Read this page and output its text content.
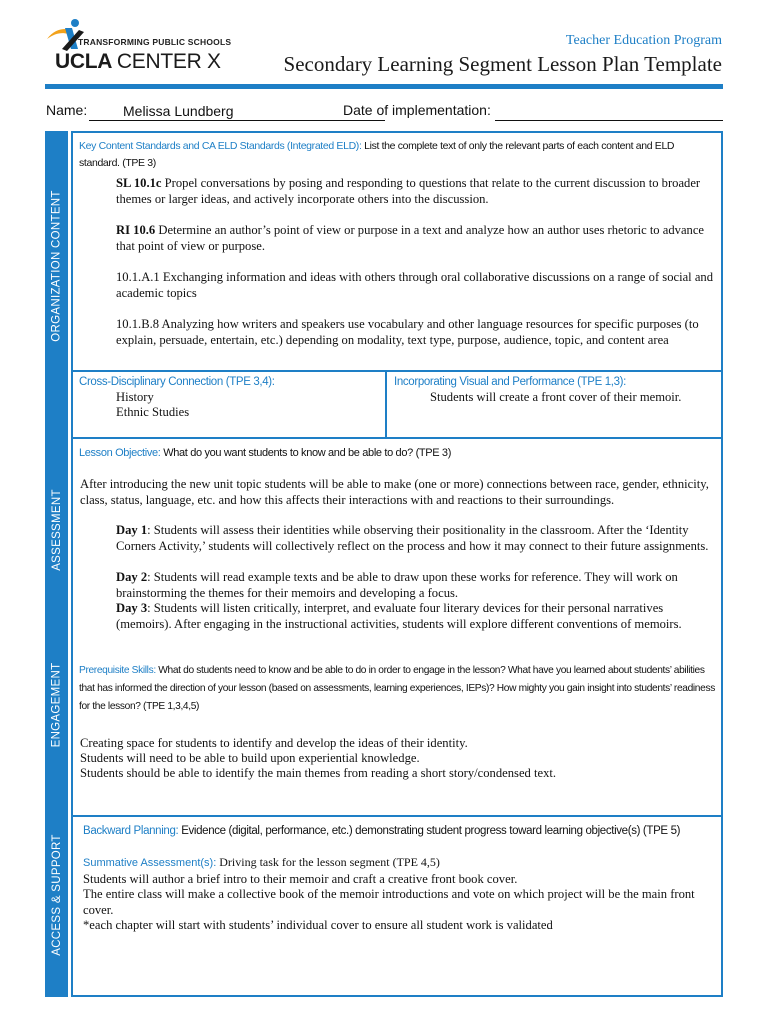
TRANSFORMING PUBLIC SCHOOLS
UCLA CENTER X
Teacher Education Program
Secondary Learning Segment Lesson Plan Template
Name:	Melissa Lundberg	Date of implementation:
ORGANIZATION CONTENT
ASSESSMENT
ENGAGEMENT
ACCESS & SUPPORT
Key Content Standards and CA ELD Standards (Integrated ELD): List the complete text of only the relevant parts of each content and ELD standard. (TPE 3)
SL 10.1c Propel conversations by posing and responding to questions that relate to the current discussion to broader themes or larger ideas, and actively incorporate others into the discussion.
RI 10.6 Determine an author’s point of view or purpose in a text and analyze how an author uses rhetoric to advance that point of view or purpose.
10.1.A.1 Exchanging information and ideas with others through oral collaborative discussions on a range of social and academic topics
10.1.B.8 Analyzing how writers and speakers use vocabulary and other language resources for specific purposes (to explain, persuade, entertain, etc.) depending on modality, text type, purpose, audience, topic, and content area
Cross-Disciplinary Connection (TPE 3,4):
History
Ethnic Studies
Incorporating Visual and Performance (TPE 1,3):
Students will create a front cover of their memoir.
Lesson Objective: What do you want students to know and be able to do? (TPE 3)
After introducing the new unit topic students will be able to make (one or more) connections between race, gender, ethnicity, class, status, language, etc. and how this affects their interactions with and reactions to their surroundings.
Day 1: Students will assess their identities while observing their positionality in the classroom. After the ‘Identity Corners Activity,’ students will collectively reflect on the process and how it may connect to their future assignments.
Day 2: Students will read example texts and be able to draw upon these works for reference. They will work on brainstorming the themes for their memoirs and developing a focus.
Day 3: Students will listen critically, interpret, and evaluate four literary devices for their personal narratives (memoirs). After engaging in the instructional activities, students will explore different conventions of memoirs.
Prerequisite Skills: What do students need to know and be able to do in order to engage in the lesson? What have you learned about students’ abilities that has informed the direction of your lesson (based on assessments, learning experiences, IEPs)? How mighty you gain insight into students’ readiness for the lesson? (TPE 1,3,4,5)
Creating space for students to identify and develop the ideas of their identity.
Students will need to be able to build upon experiential knowledge.
Students should be able to identify the main themes from reading a short story/condensed text.
Backward Planning: Evidence (digital, performance, etc.) demonstrating student progress toward learning objective(s) (TPE 5)
Summative Assessment(s): Driving task for the lesson segment (TPE 4,5)
Students will author a brief intro to their memoir and craft a creative front book cover.
The entire class will make a collective book of the memoir introductions and vote on which project will be the main front cover.
*each chapter will start with students’ individual cover to ensure all student work is validated
